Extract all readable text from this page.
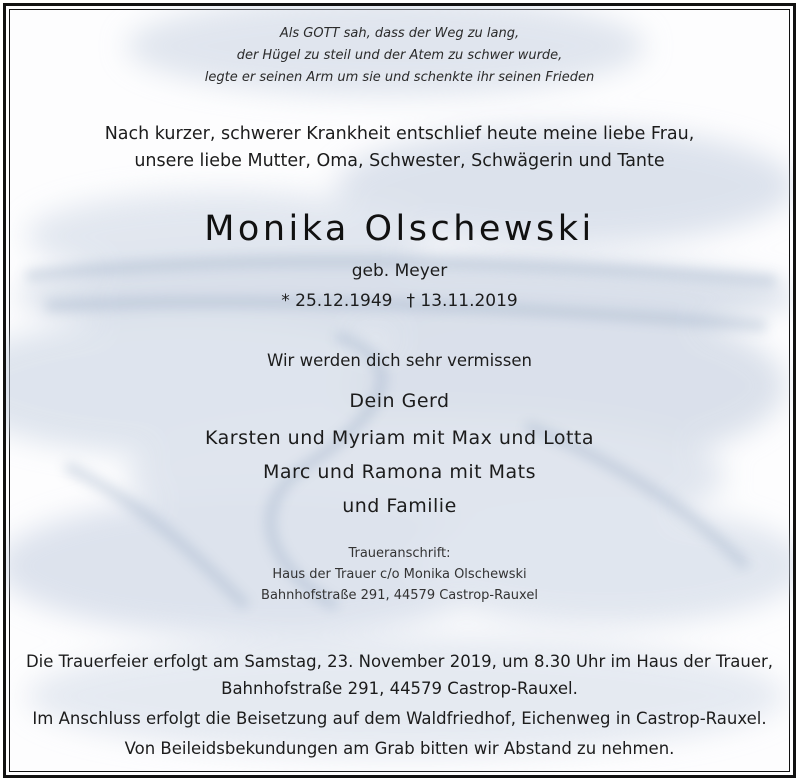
Als GOTT sah, dass der Weg zu lang,
der Hügel zu steil und der Atem zu schwer wurde,
legte er seinen Arm um sie und schenkte ihr seinen Frieden
Nach kurzer, schwerer Krankheit entschlief heute meine liebe Frau,
unsere liebe Mutter, Oma, Schwester, Schwägerin und Tante
Monika Olschewski
geb. Meyer
* 25.12.1949 † 13.11.2019
Wir werden dich sehr vermissen
Dein Gerd
Karsten und Myriam mit Max und Lotta
Marc und Ramona mit Mats
und Familie
Traueranschrift:
Haus der Trauer c/o Monika Olschewski
Bahnhofstraße 291, 44579 Castrop-Rauxel
Die Trauerfeier erfolgt am Samstag, 23. November 2019, um 8.30 Uhr im Haus der Trauer,
Bahnhofstraße 291, 44579 Castrop-Rauxel.
Im Anschluss erfolgt die Beisetzung auf dem Waldfriedhof, Eichenweg in Castrop-Rauxel.
Von Beileidsbekundungen am Grab bitten wir Abstand zu nehmen.
